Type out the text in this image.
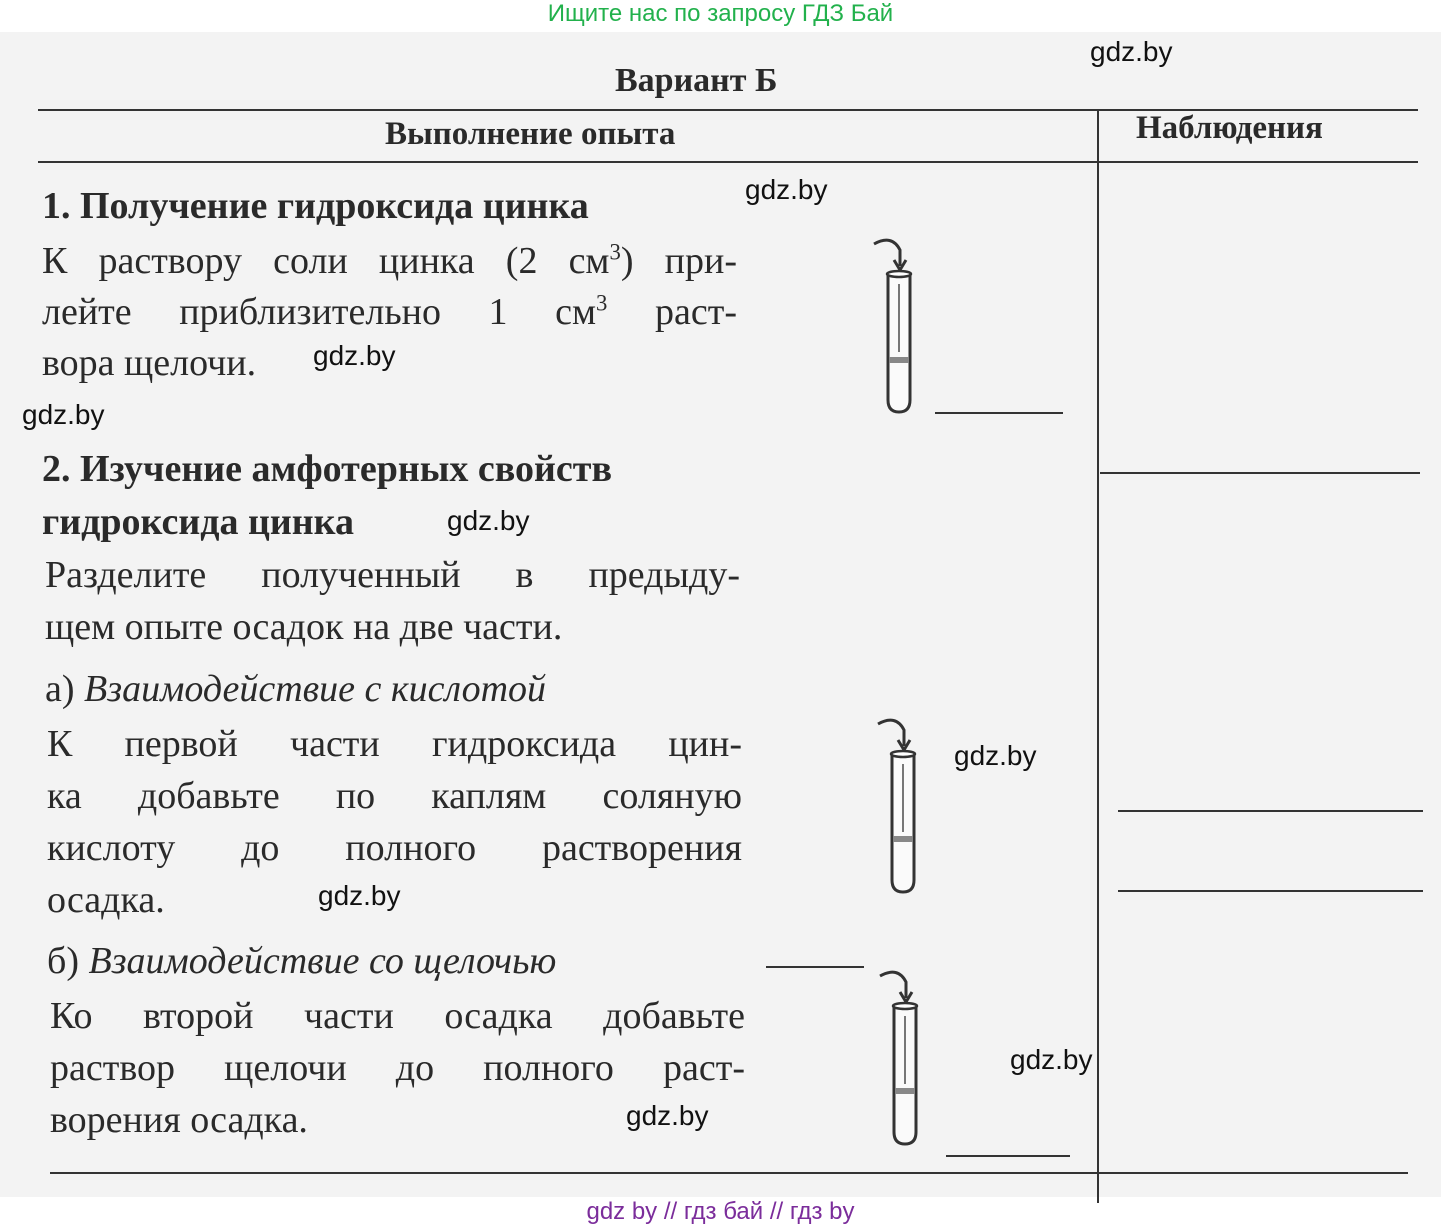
Ищите нас по запросу ГДЗ Бай
Вариант Б
Выполнение опыта	Наблюдения
1. Получение гидроксида цинка
К раствору соли цинка (2 $см^3$) при-
лейте приблизительно 1 $см^3$ раст-
вора щелочи.
2. Изучение амфотерных свойств
гидроксида цинка
Разделите полученный в предыду-
щем опыте осадок на две части.
а) Взаимодействие с кислотой
К первой части гидроксида цин-
ка добавьте по каплям соляную
кислоту до полного растворения
осадка.
б) Взаимодействие со щелочью
Ко второй части осадка добавьте
раствор щелочи до полного раст-
ворения осадка.
gdz.by
gdz.by
gdz.by
gdz.by
gdz.by
gdz.by
gdz.by
gdz.by
gdz.by
gdz by // гдз бай // гдз by
